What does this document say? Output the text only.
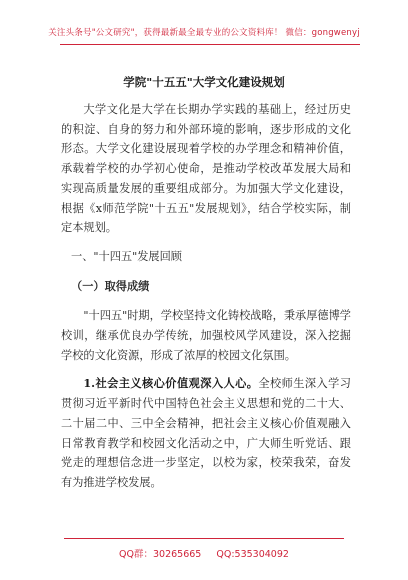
关注头条号"公文研究"，获得最新最全最专业的公文资料库！ 微信：gongwenyj
学院"十五五"大学文化建设规划

大学文化是大学在长期办学实践的基础上，经过历史的积淀、自身的努力和外部环境的影响，逐步形成的文化形态。大学文化建设展现着学校的办学理念和精神价值，承载着学校的办学初心使命，是推动学校改革发展大局和实现高质量发展的重要组成部分。为加强大学文化建设，根据《x师范学院"十五五"发展规划》，结合学校实际，制定本规划。

一、"十四五"发展回顾

（一）取得成绩

"十四五"时期，学校坚持文化铸校战略，秉承厚德博学校训，继承优良办学传统，加强校风学风建设，深入挖掘学校的文化资源，形成了浓厚的校园文化氛围。

1.社会主义核心价值观深入人心。全校师生深入学习贯彻习近平新时代中国特色社会主义思想和党的二十大、二十届二中、三中全会精神，把社会主义核心价值观融入日常教育教学和校园文化活动之中，广大师生听党话、跟党走的理想信念进一步坚定，以校为家，校荣我荣，奋发有为推进学校发展。

QQ群：30265665 QQ:535304092
